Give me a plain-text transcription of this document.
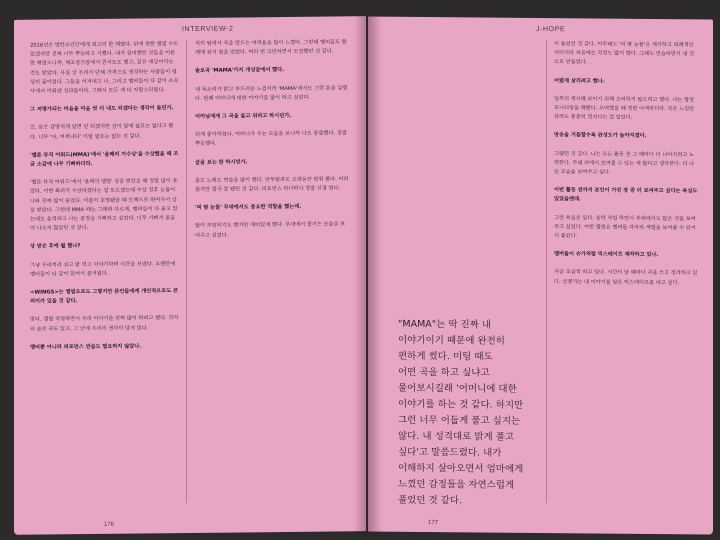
INTERVIEW-2

2016년은 방탄소년단에게 최고의 한 해였다. 뒤에 편한 앨범 수도 있겠지만 진짜 너무 뿌듯하고 기뻤다. 내가 콤비했던 것들을 이룬 한 해였으니까. 체조경기장에서 콘서트도 했고, 같은 대상이라는 것도 받았다. 사실 상 우리가 단체 가격으로 생각하는 사람들이 평상의 꿈이었다. 그들을 이겨내고 나, 그리고 멤버들이 다 같이 소속사에서 이뤄낸 성과들이다. 그래서 모든 게 다 자랑스러웠다.

그 저평가되는 마음을 마음 컷 더 내도 되겠다는 생각이 들던가.

응, 음은 감방지게 달면 민 되겠지만 감이 앞에 필요는 없다고 봤다. 너무 '아, 어쩌냐다' 이럴 필요는 없는 것 같다.

'멜론 뮤직 어워드(MMA)'에서 '올해의 가수상'을 수상했을 때 조금 소감에 나무 기뻐하더라.

'멜론 뮤직 어워드'에서 '올해의 앨범' 상을 받았을 때 정말 많이 울었다. 이번 화려지 수상하겠다는 걸 모르겠는데 수상 전후 눈물이 나와 진짜 많이 울었다. 이름이 호명됐을 때 트랙으로 뛰어가서 상을 받았다. 그런데 MMA 때는 그래봐 다르게, 멤버들이 다 울고 있는데도 울컥하고 나는 중정을 기뻐하고 싶었다. 너무 기뻐서 울음이 나오지 않았던 것 같다.

상 받은 후에 뭘 했나?

그냥 우리끼리 쉬고 밥 먹고 이야기하며 시간을 보냈다. 오랜만에 멤버들이 다 같이 있어서 즐거웠다.

<WINGS>는 앨범으로도 그렇지만 본인들에게 개인적으로도 큰 의미가 있을 것 같다.

맞다. 앨범 작업하면서 우리 이야기를 진짜 많이 하려고 했다. 각자의 솔로 곡도 있고, 그 안에 우리의 생각이 담겨 있다.

멤버뿐 아니라 퍼포먼스 연습도 필요하지 않았나.

직히 팀에서 곡을 만드는 어려움을 많이 느꼈다. 그런데 멤버들도 함께해 줘서 힘을 얻었다. 여러 번 고민하면서 도전했던 것 같다.

솔로곡 'MAMA'가지 개성잠에서 했다.

내 목소리가 밝고 부드러운 느낌이라 'MAMA'에서도 그런 톤을 살렸다. 원래 어머니에 대한 이야기를 많이 하고 싶었다.

어머님에게 그 곡을 들고 뒤따고 하시던가.

되게 좋아하셨다. 어머니가 우는 모습을 보니까 나도 뭉클했다. 정말 뿌듯했다.

글을 보는 한 하시던가.

춤도 노래도 연습을 많이 했다. 안무팀과도 오랫동안 맞춰 봤다. 어려웠지만 결국 잘 됐던 것 같다. 퍼포먼스 하나하나 정말 신경 썼다.

'피 땀 눈물' 무대에서도 중요한 역할을 했는데.

많이 부담되기도 했지만 재미있게 했다. 무대에서 즐기는 모습을 보여주고 싶었다.

176
J-HOPE
"MAMA"는 딱 진짜 내
이야기이기 때문에 완전히
편하게 썼다. 미팅 때도
어떤 곡을 하고 싶냐고
물어보시길래 '어머니에 대한
이야기를 하는 것 같다. 하지만
그런 너무 어둡게 풀고 싶지는
않다. 내 성격대로 밝게 풀고
싶다'고 말씀드렸다. 내가
이해하지 살아오면서 엄마에게
느꼈던 감정들을 자연스럽게
풀었던 것 같다.

이 들었던 것 같다. 아무래도 '피 땀 눈물'은 섹시하고 퇴폐적인 이미지라 처음에는 걱정도 많이 했다. 그래도 연습하면서 내 것으로 만들었다.

어렸게 살리려고 했나.

일부러 섹시해 보이기 위해 오버하지 않으려고 했다. 나는 항상 모니터링을 해봤다. 오버했을 때 정말 어색하더라. 작은 느낌만 살려도 충분히 멋지다는 걸 알았다.

방송을 거듭할수록 완성도가 높아지겠다.

그랬던 것 같다. 나는 모든 활동 중 그 때마다 더 나아지려고 노력한다. 무대 위에서 보여줄 수 있는 게 많다고 생각한다. 더 나은 모습을 보여주고 싶다.

이번 활동 전까지 본인이 가진 장 중 더 보여주고 싶다는 욕심도 있었을텐데.

그런 욕심은 있다. 음악 작업 하면서 무대에서도 많은 것을 보여주고 싶었다. 이번 앨범은 멤버들 각자의 색깔을 보여줄 수 있어서 좋았다.

멤버들이 슈가처럼 믹스테이프 제작하고 있나.

지금 조금씩 하고 있다. 시간이 날 때마다 곡을 쓰고 정리하고 있다. 언젠가는 내 이야기를 담은 믹스테이프를 내고 싶다.

177
